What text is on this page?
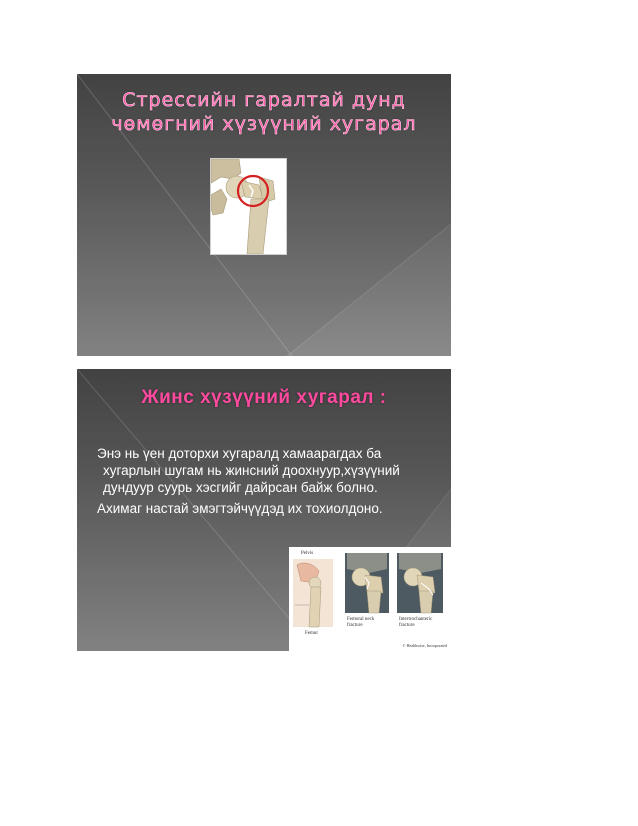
Стрессийн гаралтай дунд
чөмөгний хүзүүний хугарал
Жинс хүзүүний хугарал :

Энэ нь үен доторхи хугаралд хамаарагдах ба хугарлын шугам нь жинсний доохнуур,хүзүүний дундуур суурь хэсгийг дайрсан байж болно.

Ахимаг настай эмэгтэйчүүдэд их тохиолдоно.

Pelvis
Femur
Femoral neck
fracture
Intertrochanteric
fracture
© Healthwise, Incorporated
